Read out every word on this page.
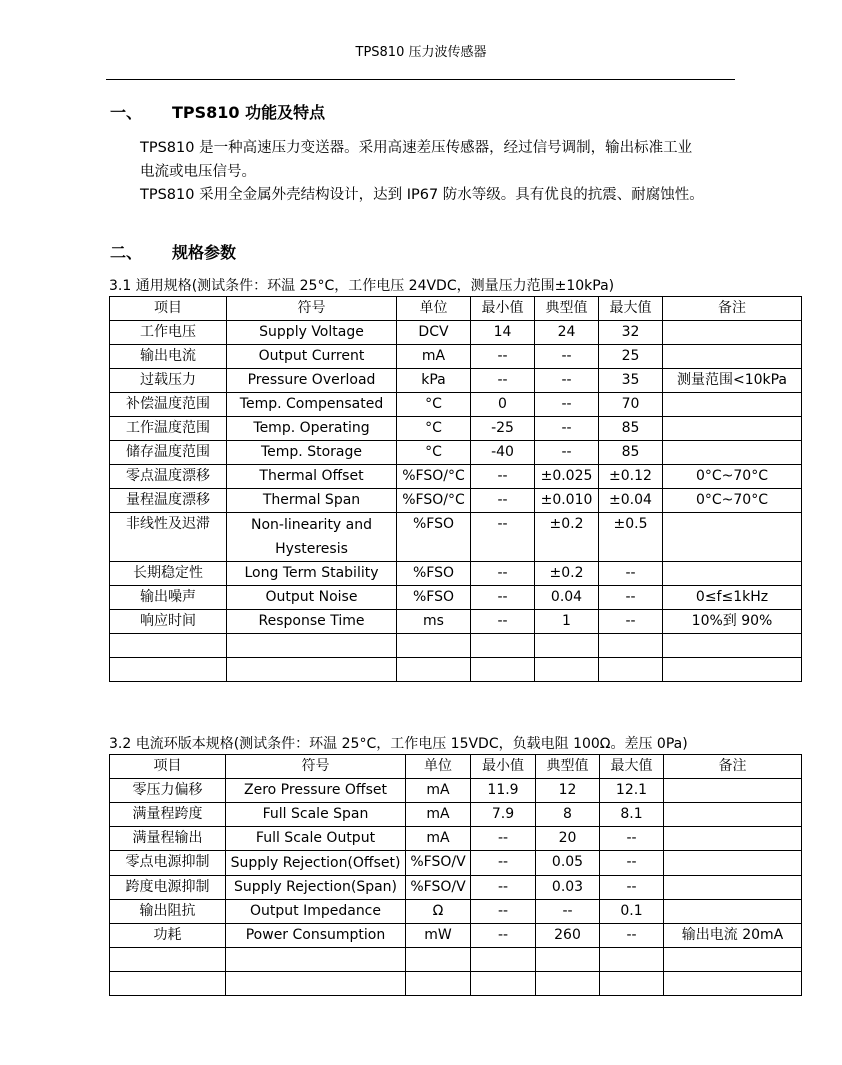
TPS810 压力波传感器
一、 TPS810 功能及特点
TPS810 是一种高速压力变送器。采用高速差压传感器，经过信号调制，输出标准工业
电流或电压信号。
TPS810 采用全金属外壳结构设计，达到 IP67 防水等级。具有优良的抗震、耐腐蚀性。
二、 规格参数
3.1 通用规格(测试条件：环温 25°C，工作电压 24VDC，测量压力范围±10kPa)
项目	符号	单位	最小值	典型值	最大值	备注
工作电压	Supply Voltage	DCV	14	24	32	
输出电流	Output Current	mA	--	--	25	
过载压力	Pressure Overload	kPa	--	--	35	测量范围<10kPa
补偿温度范围	Temp. Compensated	°C	0	--	70	
工作温度范围	Temp. Operating	°C	-25	--	85	
储存温度范围	Temp. Storage	°C	-40	--	85	
零点温度漂移	Thermal Offset	%FSO/°C	--	±0.025	±0.12	0°C~70°C
量程温度漂移	Thermal Span	%FSO/°C	--	±0.010	±0.04	0°C~70°C
非线性及迟滞	Non-linearity and Hysteresis	%FSO	--	±0.2	±0.5	
长期稳定性	Long Term Stability	%FSO	--	±0.2	--	
输出噪声	Output Noise	%FSO	--	0.04	--	0≤f≤1kHz
响应时间	Response Time	ms	--	1	--	10%到 90%

3.2 电流环版本规格(测试条件：环温 25°C，工作电压 15VDC，负载电阻 100Ω。差压 0Pa)
项目	符号	单位	最小值	典型值	最大值	备注
零压力偏移	Zero Pressure Offset	mA	11.9	12	12.1	
满量程跨度	Full Scale Span	mA	7.9	8	8.1	
满量程输出	Full Scale Output	mA	--	20	--	
零点电源抑制	Supply Rejection(Offset)	%FSO/V	--	0.05	--	
跨度电源抑制	Supply Rejection(Span)	%FSO/V	--	0.03	--	
输出阻抗	Output Impedance	Ω	--	--	0.1	
功耗	Power Consumption	mW	--	260	--	输出电流 20mA
